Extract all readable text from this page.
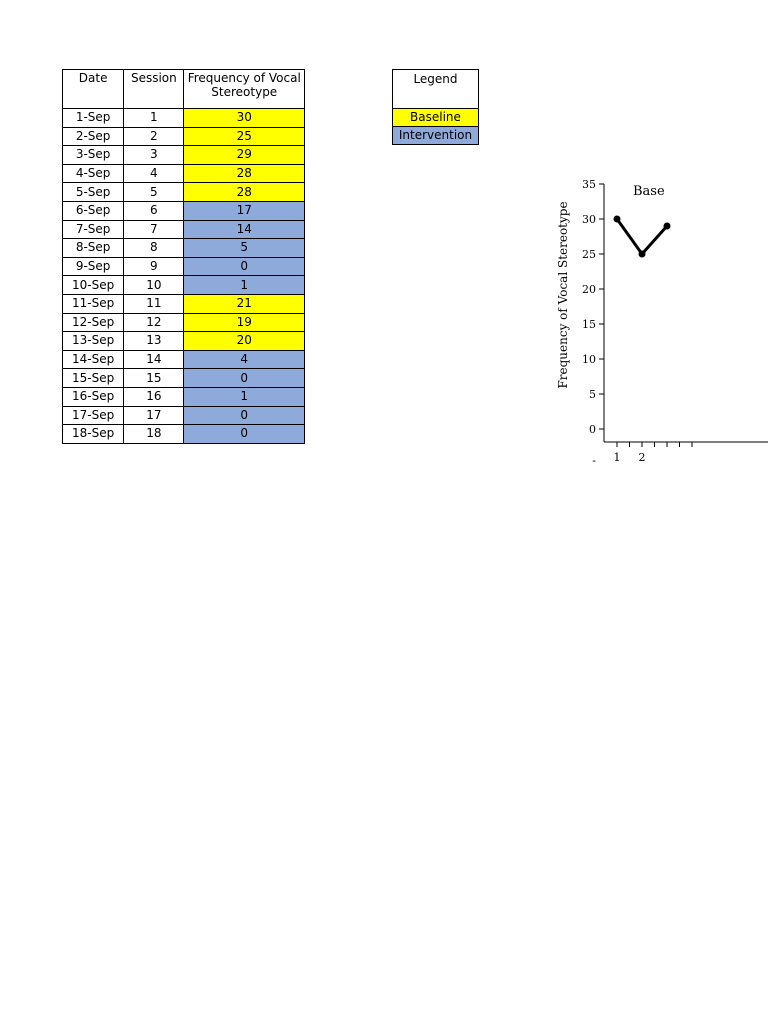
Date	Session	Frequency of Vocal Stereotype
1-Sep	1	30
2-Sep	2	25
3-Sep	3	29
4-Sep	4	28
5-Sep	5	28
6-Sep	6	17
7-Sep	7	14
8-Sep	8	5
9-Sep	9	0
10-Sep	10	1
11-Sep	11	21
12-Sep	12	19
13-Sep	13	20
14-Sep	14	4
15-Sep	15	0
16-Sep	16	1
17-Sep	17	0
18-Sep	18	0
Legend
Baseline
Intervention
35
30
25
20
15
10
5
0
- 1 2
Frequency of Vocal Stereotype
Base
